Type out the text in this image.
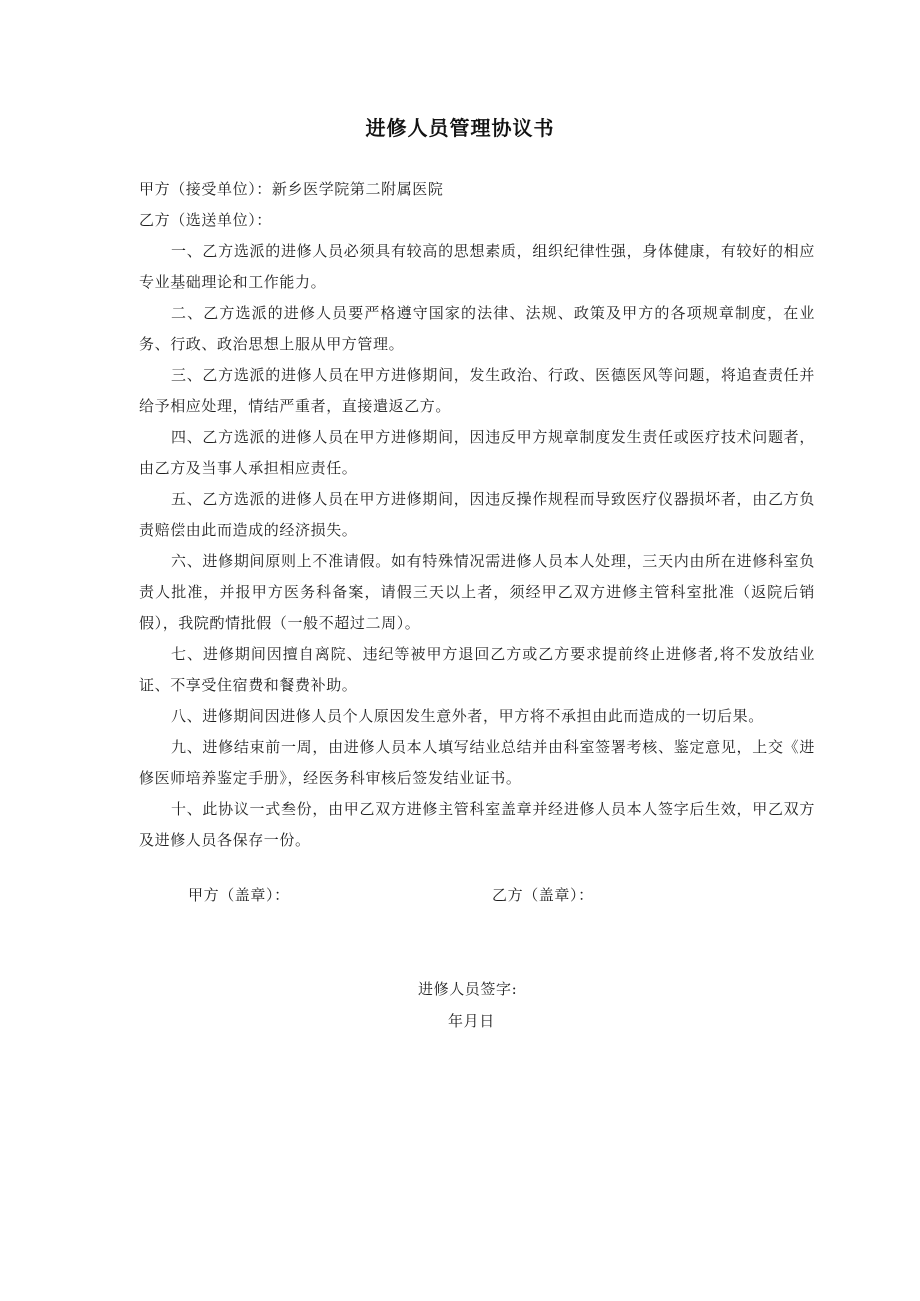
进修人员管理协议书

甲方（接受单位）：新乡医学院第二附属医院

乙方（选送单位）：

一、乙方选派的进修人员必须具有较高的思想素质，组织纪律性强，身体健康，有较好的相应专业基础理论和工作能力。

二、乙方选派的进修人员要严格遵守国家的法律、法规、政策及甲方的各项规章制度，在业务、行政、政治思想上服从甲方管理。

三、乙方选派的进修人员在甲方进修期间，发生政治、行政、医德医风等问题，将追查责任并给予相应处理，情结严重者，直接遣返乙方。

四、乙方选派的进修人员在甲方进修期间，因违反甲方规章制度发生责任或医疗技术问题者，由乙方及当事人承担相应责任。

五、乙方选派的进修人员在甲方进修期间，因违反操作规程而导致医疗仪器损坏者，由乙方负责赔偿由此而造成的经济损失。

六、进修期间原则上不准请假。如有特殊情况需进修人员本人处理，三天内由所在进修科室负责人批准，并报甲方医务科备案，请假三天以上者，须经甲乙双方进修主管科室批准（返院后销假），我院酌情批假（一般不超过二周）。

七、进修期间因擅自离院、违纪等被甲方退回乙方或乙方要求提前终止进修者,将不发放结业证、不享受住宿费和餐费补助。

八、进修期间因进修人员个人原因发生意外者，甲方将不承担由此而造成的一切后果。

九、进修结束前一周，由进修人员本人填写结业总结并由科室签署考核、鉴定意见，上交《进修医师培养鉴定手册》，经医务科审核后签发结业证书。

十、此协议一式叁份，由甲乙双方进修主管科室盖章并经进修人员本人签字后生效，甲乙双方及进修人员各保存一份。

甲方（盖章）：	乙方（盖章）：
进修人员签字:
年月日
